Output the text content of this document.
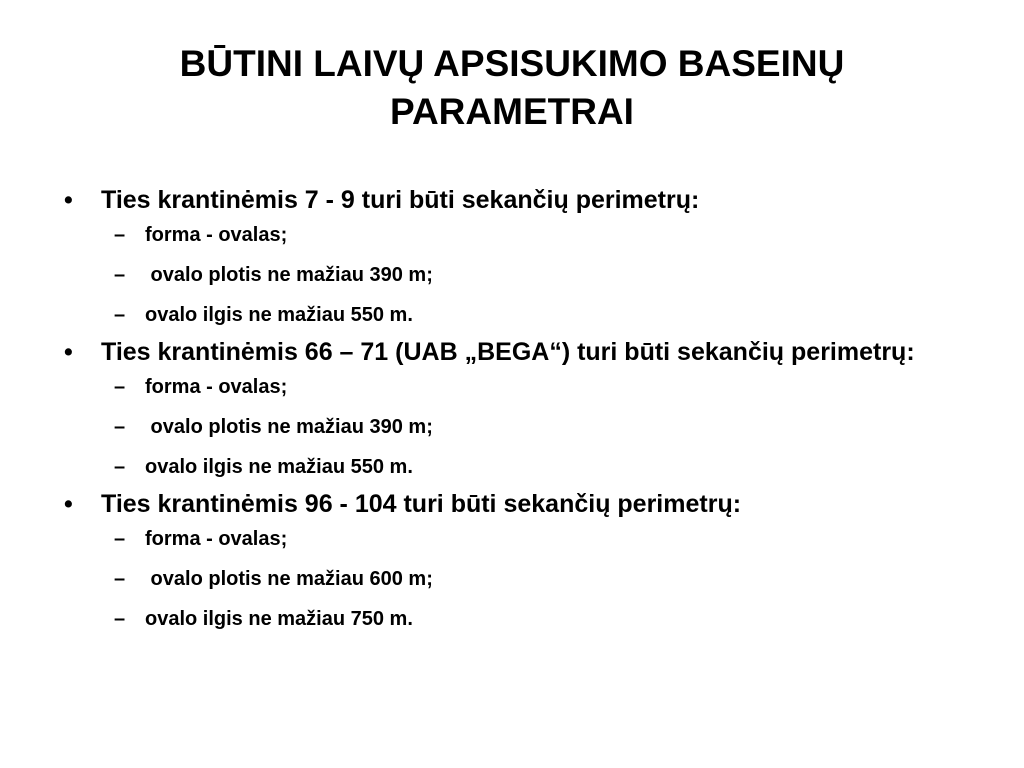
BŪTINI LAIVŲ APSISUKIMO BASEINŲ
PARAMETRAI
• Ties krantinėmis 7 - 9 turi būti sekančių perimetrų:
– forma - ovalas;
– ovalo plotis ne mažiau 390 m;
– ovalo ilgis ne mažiau 550 m.
• Ties krantinėmis 66 – 71 (UAB „BEGA“) turi būti sekančių perimetrų:
– forma - ovalas;
– ovalo plotis ne mažiau 390 m;
– ovalo ilgis ne mažiau 550 m.
• Ties krantinėmis 96 - 104 turi būti sekančių perimetrų:
– forma - ovalas;
– ovalo plotis ne mažiau 600 m;
– ovalo ilgis ne mažiau 750 m.
